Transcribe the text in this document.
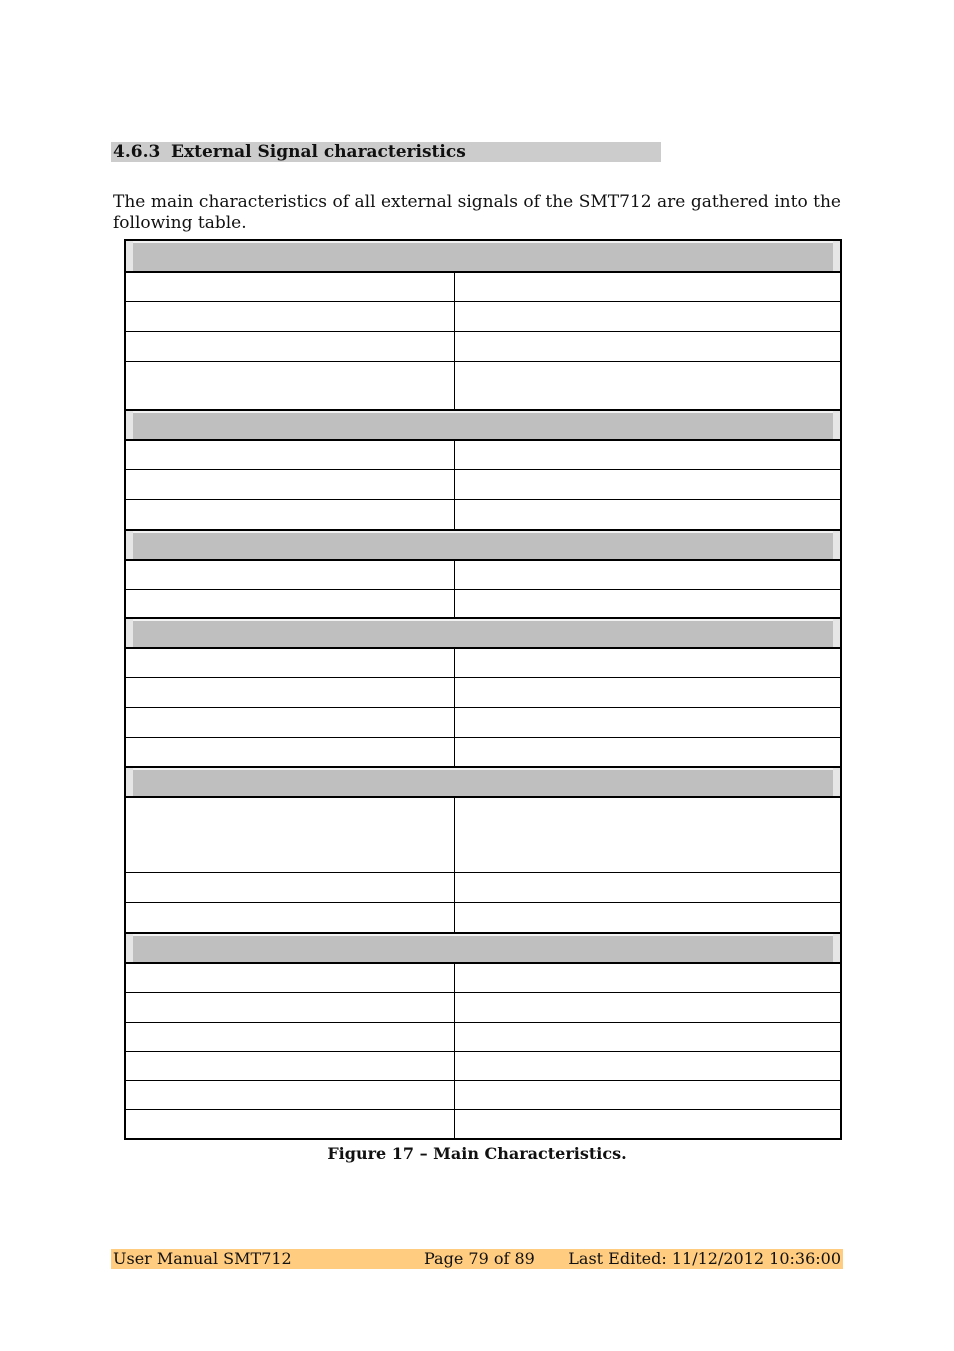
4.6.3 External Signal characteristics

The main characteristics of all external signals of the SMT712 are gathered into the following table.

Figure 17 – Main Characteristics.
User Manual SMT712	Page 79 of 89 Last Edited: 11/12/2012 10:36:00
